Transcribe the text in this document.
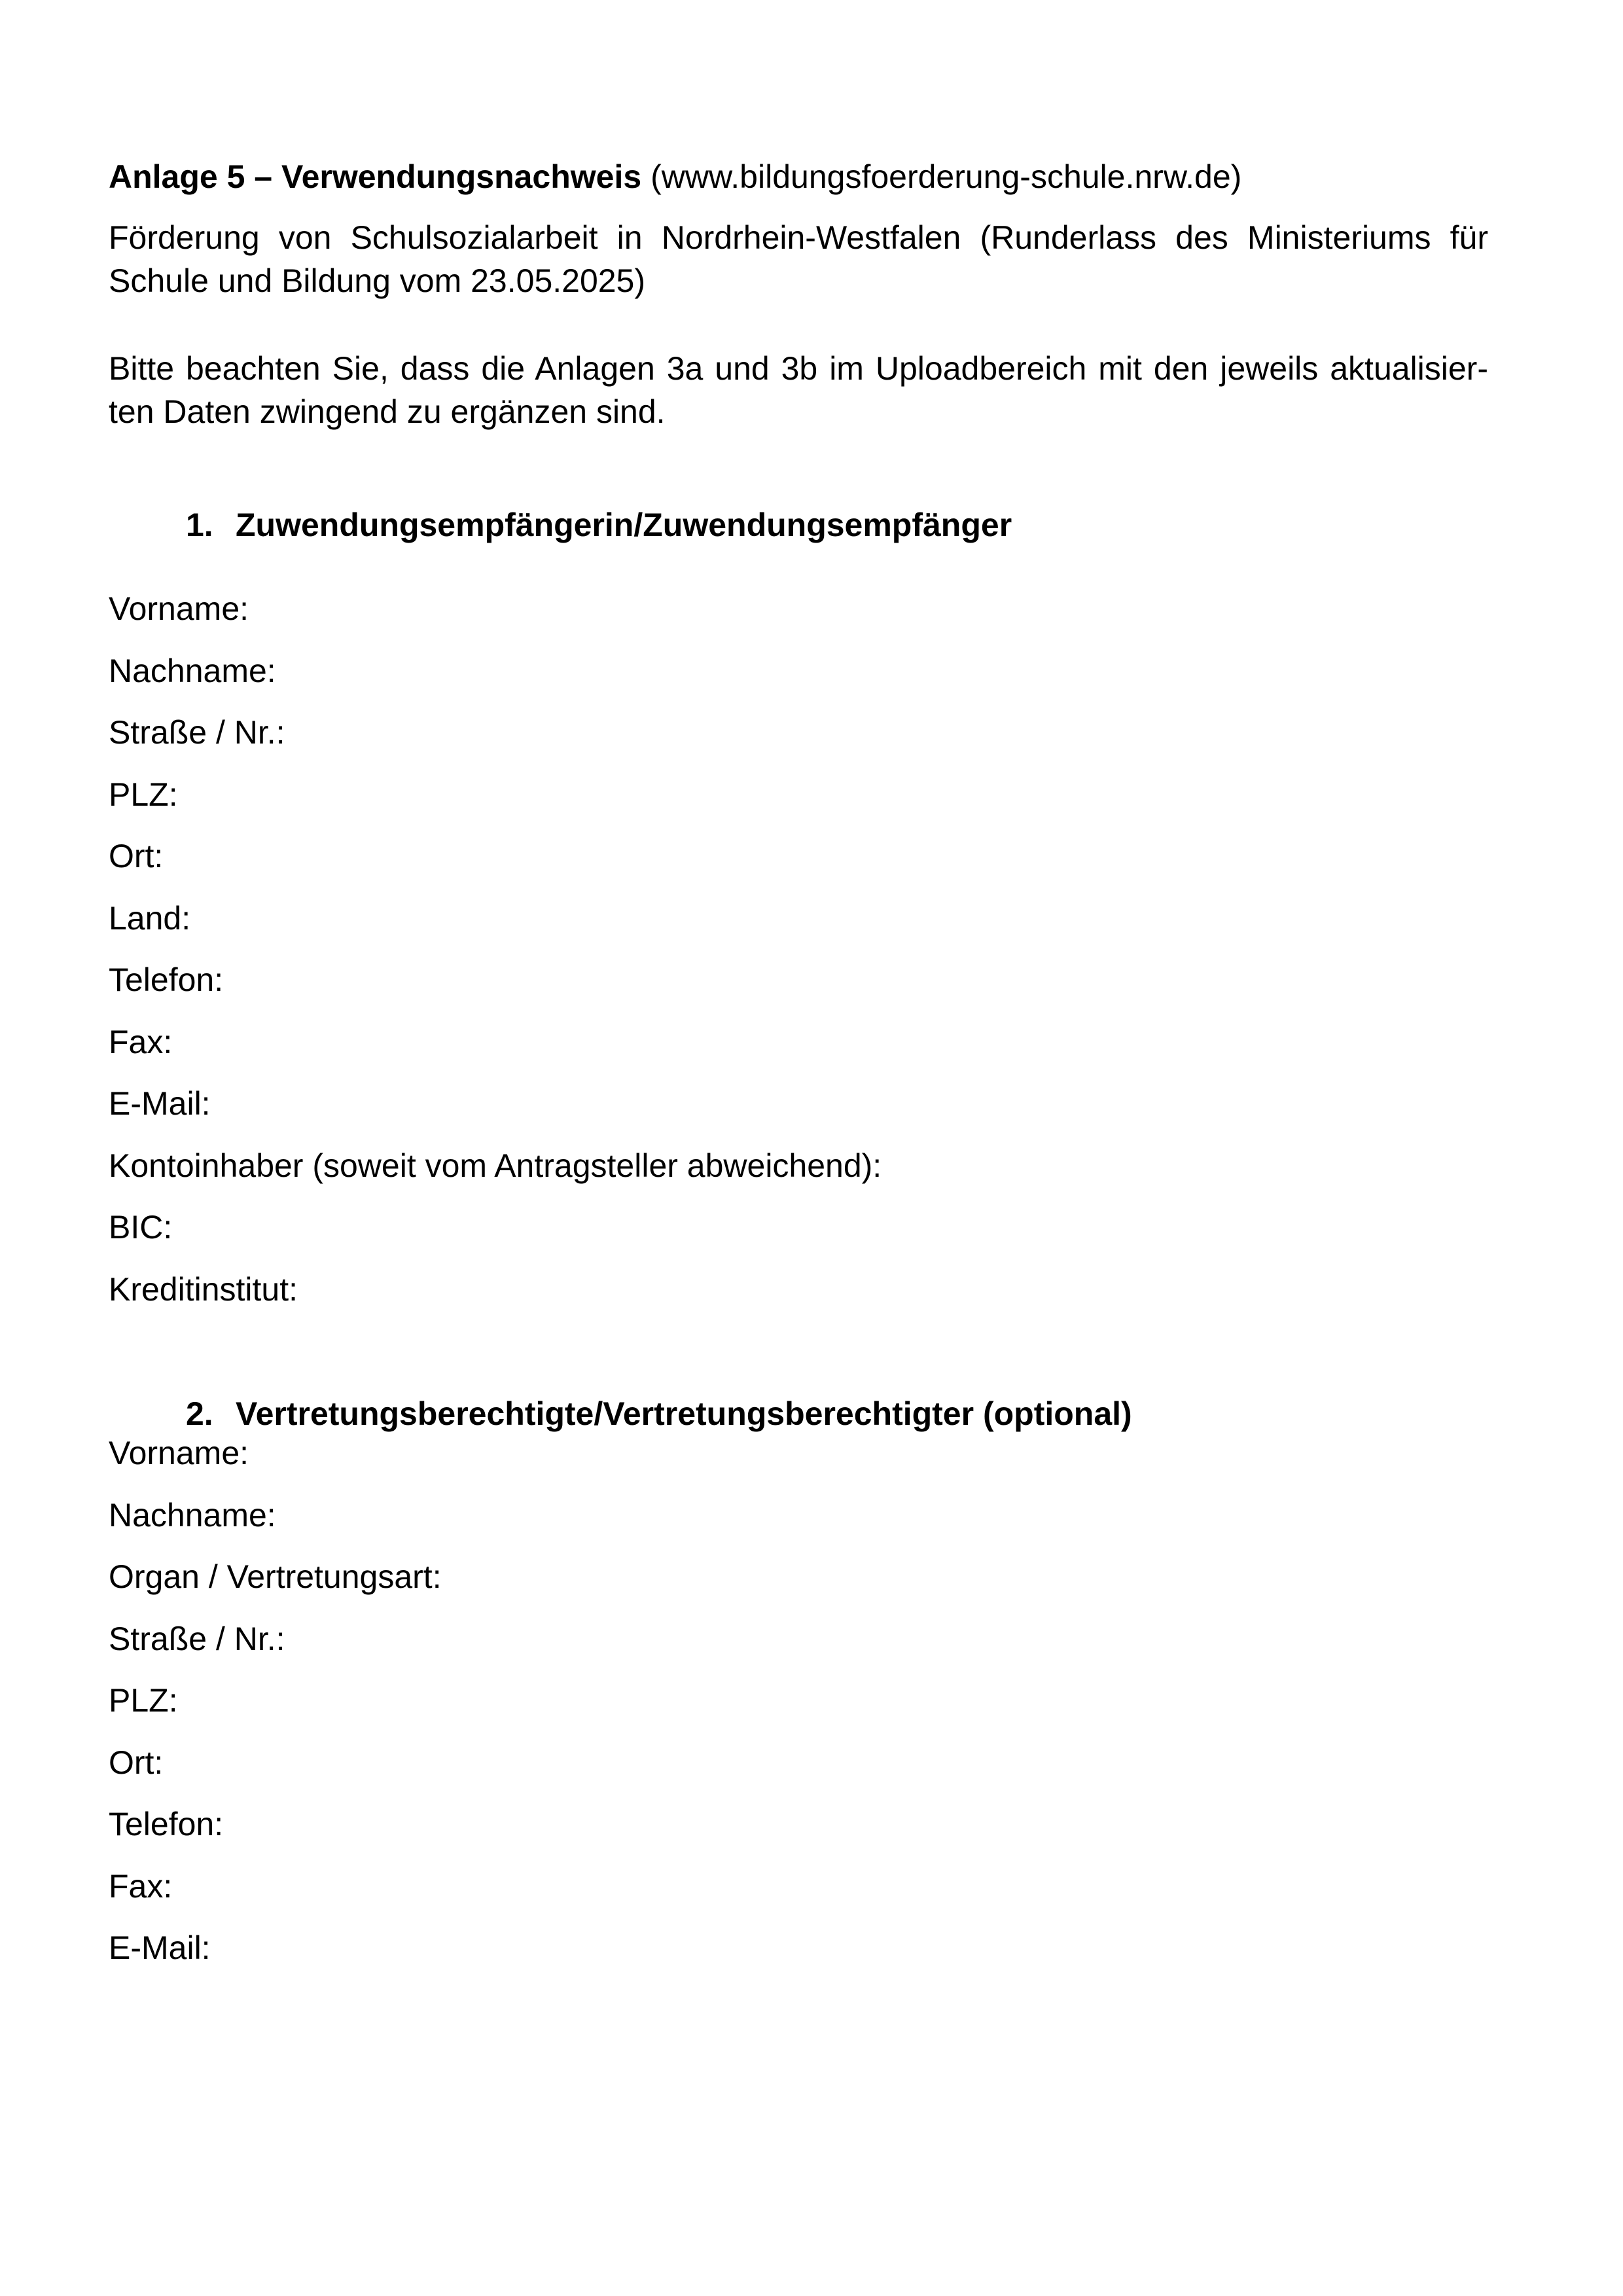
Anlage 5 – Verwendungsnachweis (www.bildungsfoerderung-schule.nrw.de)
Förderung von Schulsozialarbeit in Nordrhein-Westfalen (Runderlass des Ministeriums für Schule und Bildung vom 23.05.2025)
Bitte beachten Sie, dass die Anlagen 3a und 3b im Uploadbereich mit den jeweils aktualisier-ten Daten zwingend zu ergänzen sind.
1. Zuwendungsempfängerin/Zuwendungsempfänger
Vorname:
Nachname:
Straße / Nr.:
PLZ:
Ort:
Land:
Telefon:
Fax:
E-Mail:
Kontoinhaber (soweit vom Antragsteller abweichend):
BIC:
Kreditinstitut:
2. Vertretungsberechtigte/Vertretungsberechtigter (optional)
Vorname:
Nachname:
Organ / Vertretungsart:
Straße / Nr.:
PLZ:
Ort:
Telefon:
Fax:
E-Mail:
